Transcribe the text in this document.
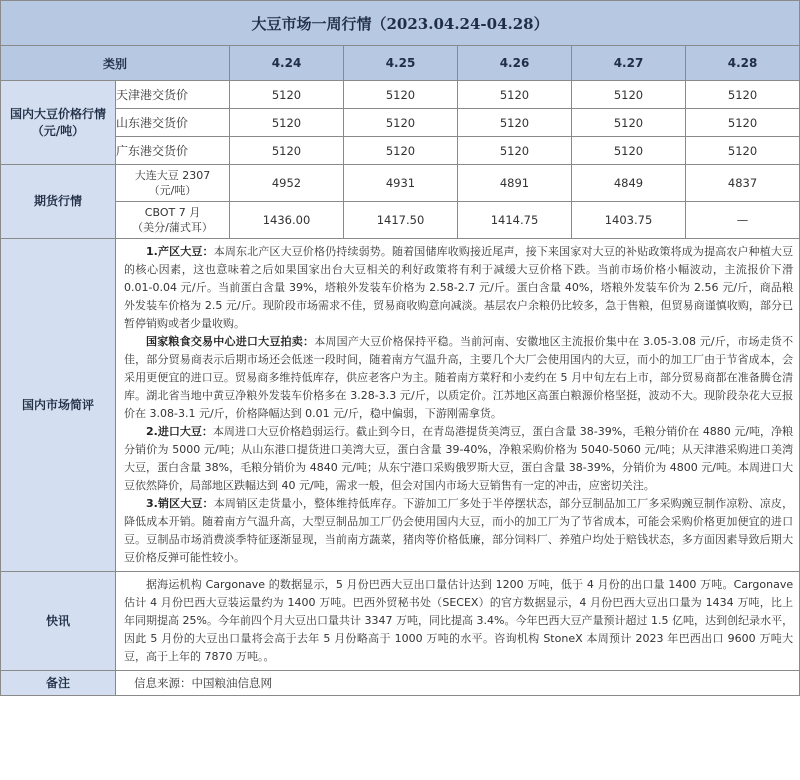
大豆市场一周行情（2023.04.24-04.28）						
类别		4.24	4.25	4.26	4.27	4.28
国内大豆价格行情（元/吨）	天津港交货价	5120	5120	5120	5120	5120
	山东港交货价	5120	5120	5120	5120	5120
	广东港交货价	5120	5120	5120	5120	5120
期货行情	大连大豆 2307
（元/吨）	4952	4931	4891	4849	4837

	CBOT 7 月
（美分/蒲式耳）	1436.00	1417.50	1414.75	1403.75	—
国内市场简评	1.产区大豆：本周东北产区大豆价格仍持续弱势。随着国储库收购接近尾声，接下来国家对大豆的补贴政策将成为提高农户种植大豆的核心因素，这也意味着之后如果国家出台大豆相关的利好政策将有利于减缓大豆价格下跌。当前市场价格小幅波动，主流报价下滑 0.01-0.04 元/斤。当前蛋白含量 39%，塔粮外发装车价格为 2.58-2.7 元/斤。蛋白含量 40%，塔粮外发装车价为 2.56 元/斤，商品粮外发装车价格为 2.5 元/斤。现阶段市场需求不佳，贸易商收购意向减淡。基层农户余粮仍比较多，急于售粮，但贸易商谨慎收购，部分已暂停销购或者少量收购。

国家粮食交易中心进口大豆拍卖：本周国产大豆价格保持平稳。当前河南、安徽地区主流报价集中在 3.05-3.08 元/斤，市场走货不佳，部分贸易商表示后期市场还会低迷一段时间，随着南方气温升高，主要几个大厂会使用国内的大豆，而小的加工厂由于节省成本，会采用更便宜的进口豆。贸易商多维持低库存，供应老客户为主。随着南方菜籽和小麦约在 5 月中旬左右上市，部分贸易商都在准备腾仓清库。湖北省当地中黄豆净粮外发装车价格多在 3.28-3.3 元/斤，以质定价。江苏地区高蛋白粮源价格坚挺，波动不大。现阶段杂花大豆报价在 3.08-3.1 元/斤，价格降幅达到 0.01 元/斤，稳中偏弱，下游刚需拿货。

2.进口大豆：本周进口大豆价格趋弱运行。截止到今日，在青岛港提货美湾豆，蛋白含量 38-39%，毛粮分销价在 4880 元/吨，净粮分销价为 5000 元/吨；从山东港口提货进口美湾大豆，蛋白含量 39-40%，净粮采购价格为 5040-5060 元/吨；从天津港采购进口美湾大豆，蛋白含量 38%，毛粮分销价为 4840 元/吨；从东宁港口采购俄罗斯大豆，蛋白含量 38-39%，分销价为 4800 元/吨。本周进口大豆依然降价，局部地区跌幅达到 40 元/吨，需求一般，但会对国内市场大豆销售有一定的冲击，应密切关注。

3.销区大豆：本周销区走货量小，整体维持低库存。下游加工厂多处于半停摆状态，部分豆制品加工厂多采购豌豆制作凉粉、凉皮，降低成本开销。随着南方气温升高，大型豆制品加工厂仍会使用国内大豆，而小的加工厂为了节省成本，可能会采购价格更加便宜的进口豆。豆制品市场消费淡季特征逐渐显现，当前南方蔬菜，猪肉等价格低廉，部分饲料厂、养殖户均处于赔钱状态，多方面因素导致后期大豆价格反弹可能性较小。					

快讯	据海运机构 Cargonave 的数据显示，5 月份巴西大豆出口量估计达到 1200 万吨，低于 4 月份的出口量 1400 万吨。Cargonave 估计 4 月份巴西大豆装运量约为 1400 万吨。巴西外贸秘书处（SECEX）的官方数据显示，4 月份巴西大豆出口量为 1434 万吨，比上年同期提高 25%。今年前四个月大豆出口量共计 3347 万吨，同比提高 3.4%。今年巴西大豆产量预计超过 1.5 亿吨，达到创纪录水平，因此 5 月份的大豆出口量将会高于去年 5 月份略高于 1000 万吨的水平。咨询机构 StoneX 本周预计 2023 年巴西出口 9600 万吨大豆，高于上年的 7870 万吨。。					

备注	信息来源：中国粮油信息网					
